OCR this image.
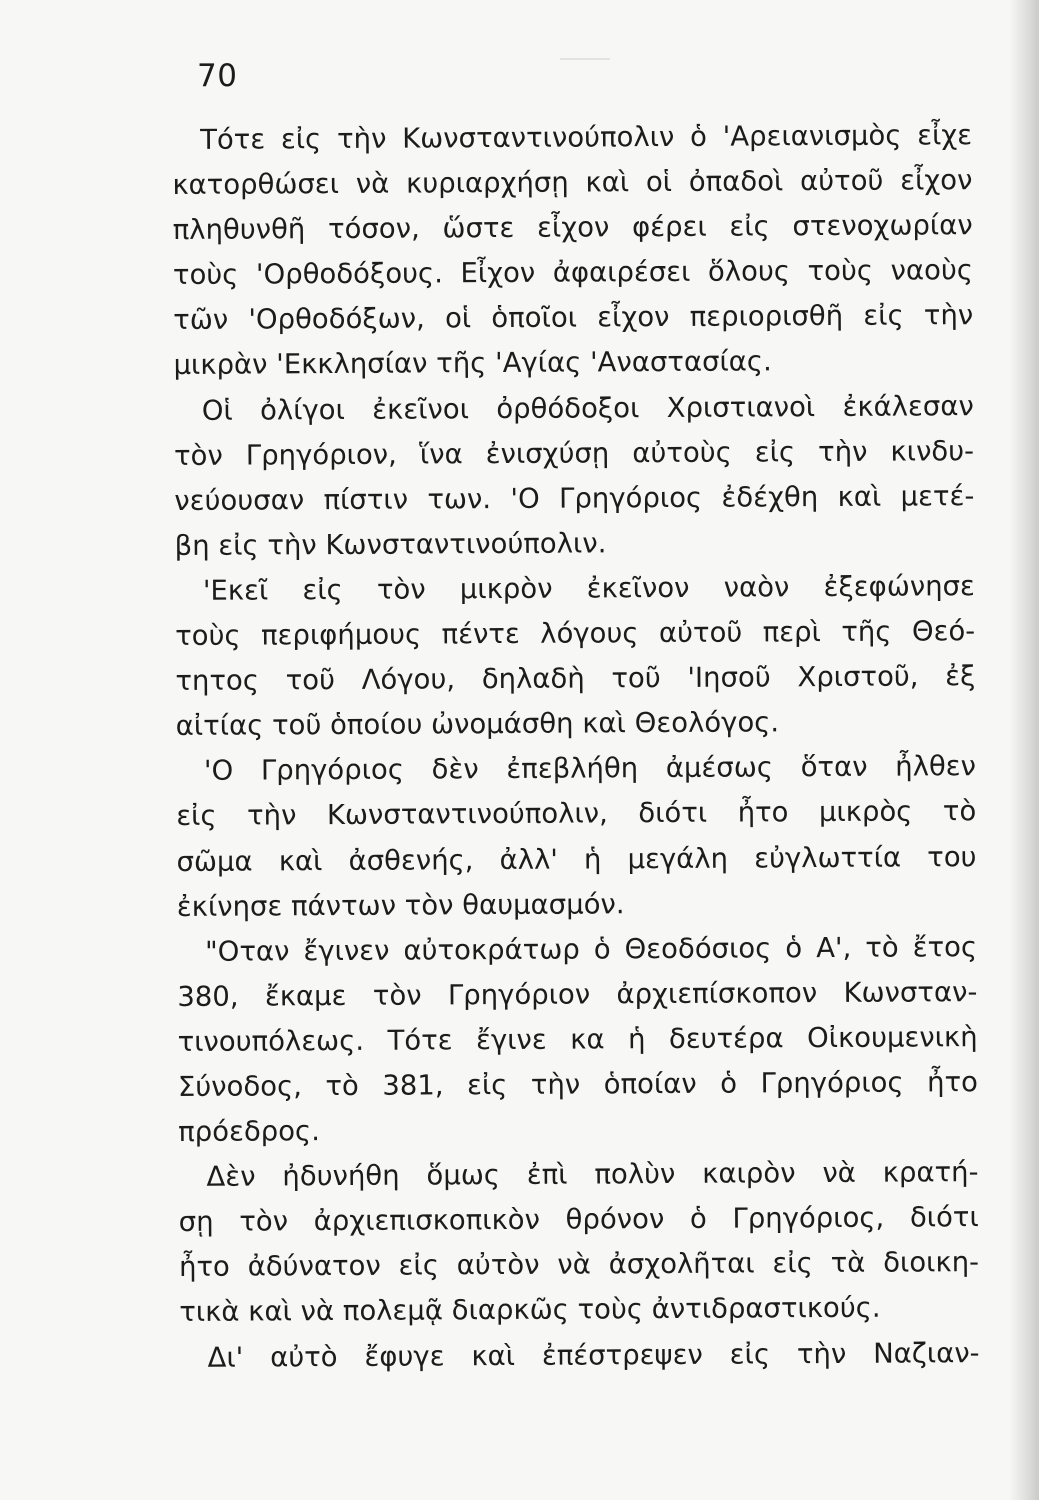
70
Τότε εἰς τὴν Κωνσταντινούπολιν ὁ 'Αρειανισμὸς εἶχε
κατορθώσει νὰ κυριαρχήσῃ καὶ οἱ ὀπαδοὶ αὐτοῦ εἶχον
πληθυνθῆ τόσον, ὥστε εἶχον φέρει εἰς στενοχωρίαν
τοὺς 'Ορθοδόξους. Εἶχον ἀφαιρέσει ὅλους τοὺς ναοὺς
τῶν 'Ορθοδόξων, οἱ ὁποῖοι εἶχον περιορισθῆ εἰς τὴν
μικρὰν 'Εκκλησίαν τῆς 'Αγίας 'Αναστασίας.
Οἱ ὀλίγοι ἐκεῖνοι ὀρθόδοξοι Χριστιανοὶ ἐκάλεσαν
τὸν Γρηγόριον, ἵνα ἐνισχύσῃ αὐτοὺς εἰς τὴν κινδυ-
νεύουσαν πίστιν των. 'Ο Γρηγόριος ἐδέχθη καὶ μετέ-
βη εἰς τὴν Κωνσταντινούπολιν.
'Εκεῖ εἰς τὸν μικρὸν ἐκεῖνον ναὸν ἐξεφώνησε
τοὺς περιφήμους πέντε λόγους αὐτοῦ περὶ τῆς Θεό-
τητος τοῦ Λόγου, δηλαδὴ τοῦ 'Ιησοῦ Χριστοῦ, ἐξ
αἰτίας τοῦ ὁποίου ὠνομάσθη καὶ Θεολόγος.
'Ο Γρηγόριος δὲν ἐπεβλήθη ἀμέσως ὅταν ἦλθεν
εἰς τὴν Κωνσταντινούπολιν, διότι ἦτο μικρὸς τὸ
σῶμα καὶ ἀσθενής, ἀλλ' ἡ μεγάλη εὐγλωττία του
ἐκίνησε πάντων τὸν θαυμασμόν.
"Οταν ἔγινεν αὐτοκράτωρ ὁ Θεοδόσιος ὁ Α', τὸ ἔτος
380, ἔκαμε τὸν Γρηγόριον ἀρχιεπίσκοπον Κωνσταν-
τινουπόλεως. Τότε ἔγινε κα ἡ δευτέρα Οἰκουμενικὴ
Σύνοδος, τὸ 381, εἰς τὴν ὁποίαν ὁ Γρηγόριος ἦτο
πρόεδρος.
Δὲν ἠδυνήθη ὅμως ἐπὶ πολὺν καιρὸν νὰ κρατή-
σῃ τὸν ἀρχιεπισκοπικὸν θρόνον ὁ Γρηγόριος, διότι
ἦτο ἀδύνατον εἰς αὐτὸν νὰ ἀσχολῆται εἰς τὰ διοικη-
τικὰ καὶ νὰ πολεμᾷ διαρκῶς τοὺς ἀντιδραστικούς.
Δι' αὐτὸ ἔφυγε καὶ ἐπέστρεψεν εἰς τὴν Ναζιαν-
